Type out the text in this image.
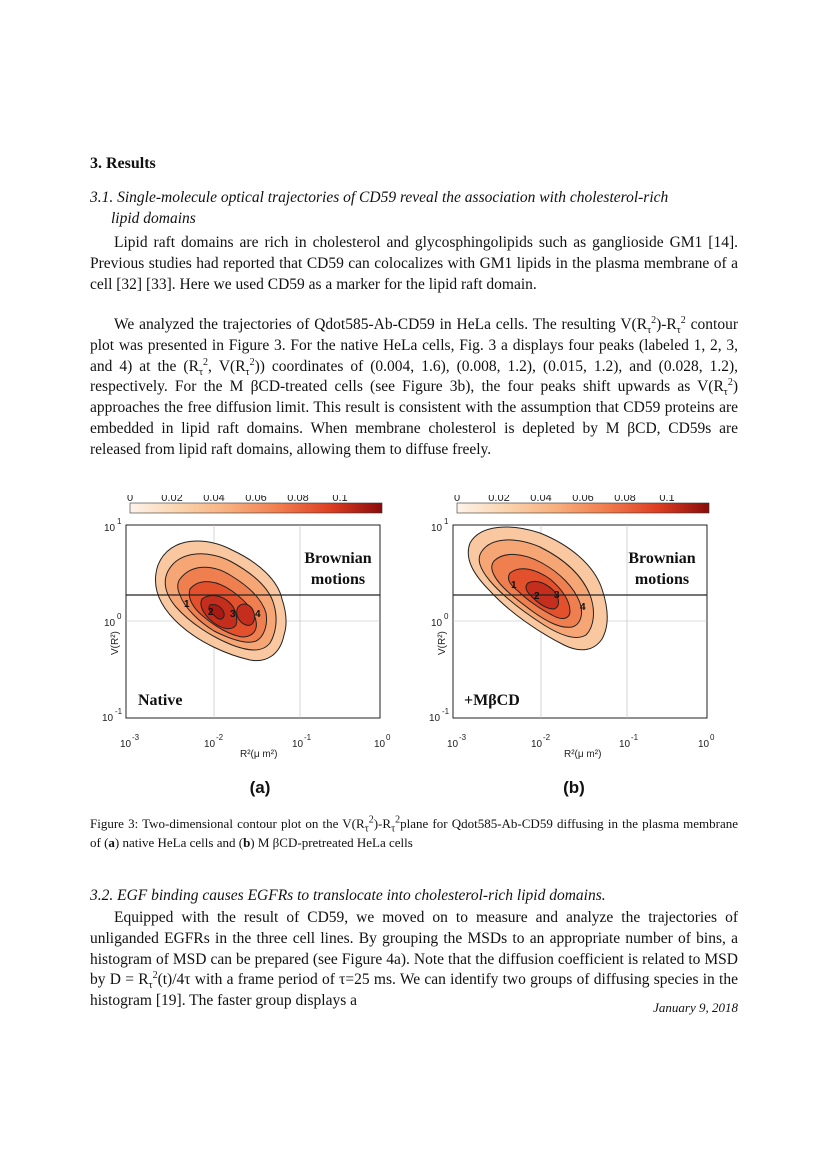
3. Results
3.1. Single-molecule optical trajectories of CD59 reveal the association with cholesterol-rich

lipid domains

Lipid raft domains are rich in cholesterol and glycosphingolipids such as ganglioside GM1 [14]. Previous studies had reported that CD59 can colocalizes with GM1 lipids in the plasma membrane of a cell [32] [33]. Here we used CD59 as a marker for the lipid raft domain.

We analyzed the trajectories of Qdot585-Ab-CD59 in HeLa cells. The resulting $V(R_\tau^2)-R_\tau^2$ contour plot was presented in Figure 3. For the native HeLa cells, Fig. 3 a displays four peaks (labeled 1, 2, 3, and 4) at the ($R_\tau^2$, $V(R_\tau^2)$) coordinates of (0.004, 1.6), (0.008, 1.2), (0.015, 1.2), and (0.028, 1.2), respectively. For the M βCD-treated cells (see Figure 3b), the four peaks shift upwards as $V(R_\tau^2)$ approaches the free diffusion limit. This result is consistent with the assumption that CD59 proteins are embedded in lipid raft domains. When membrane cholesterol is depleted by M βCD, CD59s are released from lipid raft domains, allowing them to diffuse freely.

0	0.02 0.04 0.06 0.08 0.1
1
2 3 4
Brownian
motions
Native
10
1
10
0
10
-1
10
-3
10
-2
10
-1
10
0
R²(μ m²)
V(R²)
(a)
0	0.02 0.04 0.06 0.08 0.1
1
2 3
4
Brownian
motions
+MβCD
10
1
10
0
10
-1
10
-3
10
-2
10
-1
10
0
R²(μ m²)
V(R²)
(b)
Figure 3: Two-dimensional contour plot on the $V(R_\tau^2)-R_\tau^2plane$ for Qdot585-Ab-CD59 diffusing in the plasma membrane of (a) native HeLa cells and (b) M βCD-pretreated HeLa cells
3.2. EGF binding causes EGFRs to translocate into cholesterol-rich lipid domains.

Equipped with the result of CD59, we moved on to measure and analyze the trajectories of unliganded EGFRs in the three cell lines. By grouping the MSDs to an appropriate number of bins, a histogram of MSD can be prepared (see Figure 4a). Note that the diffusion coefficient is related to MSD by $D = R_\tau^2(t)/4\tau$ with a frame period of τ=25 ms. We can identify two groups of diffusing species in the histogram [19]. The faster group displays a	January 9, 2018
